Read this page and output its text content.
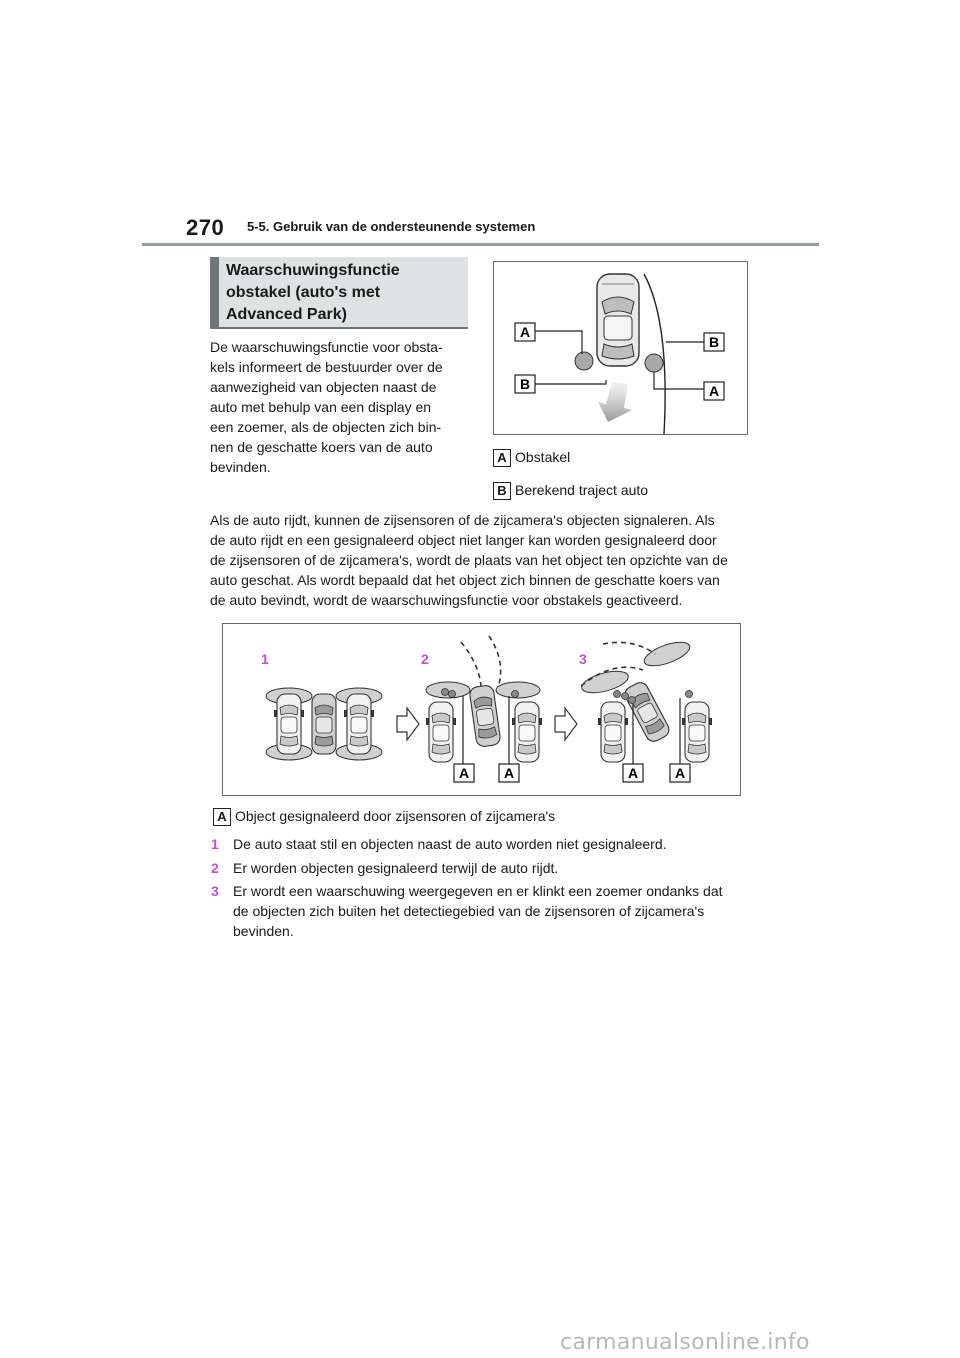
270 5-5. Gebruik van de ondersteunende systemen
Waarschuwingsfunctie
obstakel (auto's met
Advanced Park)
De waarschuwingsfunctie voor obsta-
kels informeert de bestuurder over de
aanwezigheid van objecten naast de
auto met behulp van een display en
een zoemer, als de objecten zich bin-
nen de geschatte koers van de auto
bevinden.
A
B
B
A
A Obstakel
B Berekend traject auto
Als de auto rijdt, kunnen de zijsensoren of de zijcamera's objecten signaleren. Als
de auto rijdt en een gesignaleerd object niet langer kan worden gesignaleerd door
de zijsensoren of de zijcamera's, wordt de plaats van het object ten opzichte van de
auto geschat. Als wordt bepaald dat het object zich binnen de geschatte koers van
de auto bevindt, wordt de waarschuwingsfunctie voor obstakels geactiveerd.
1	2	3
A A	A	A
A Object gesignaleerd door zijsensoren of zijcamera's
1 De auto staat stil en objecten naast de auto worden niet gesignaleerd.
2 Er worden objecten gesignaleerd terwijl de auto rijdt.
3 Er wordt een waarschuwing weergegeven en er klinkt een zoemer ondanks dat
de objecten zich buiten het detectiegebied van de zijsensoren of zijcamera's
bevinden.
carmanualsonline.info
